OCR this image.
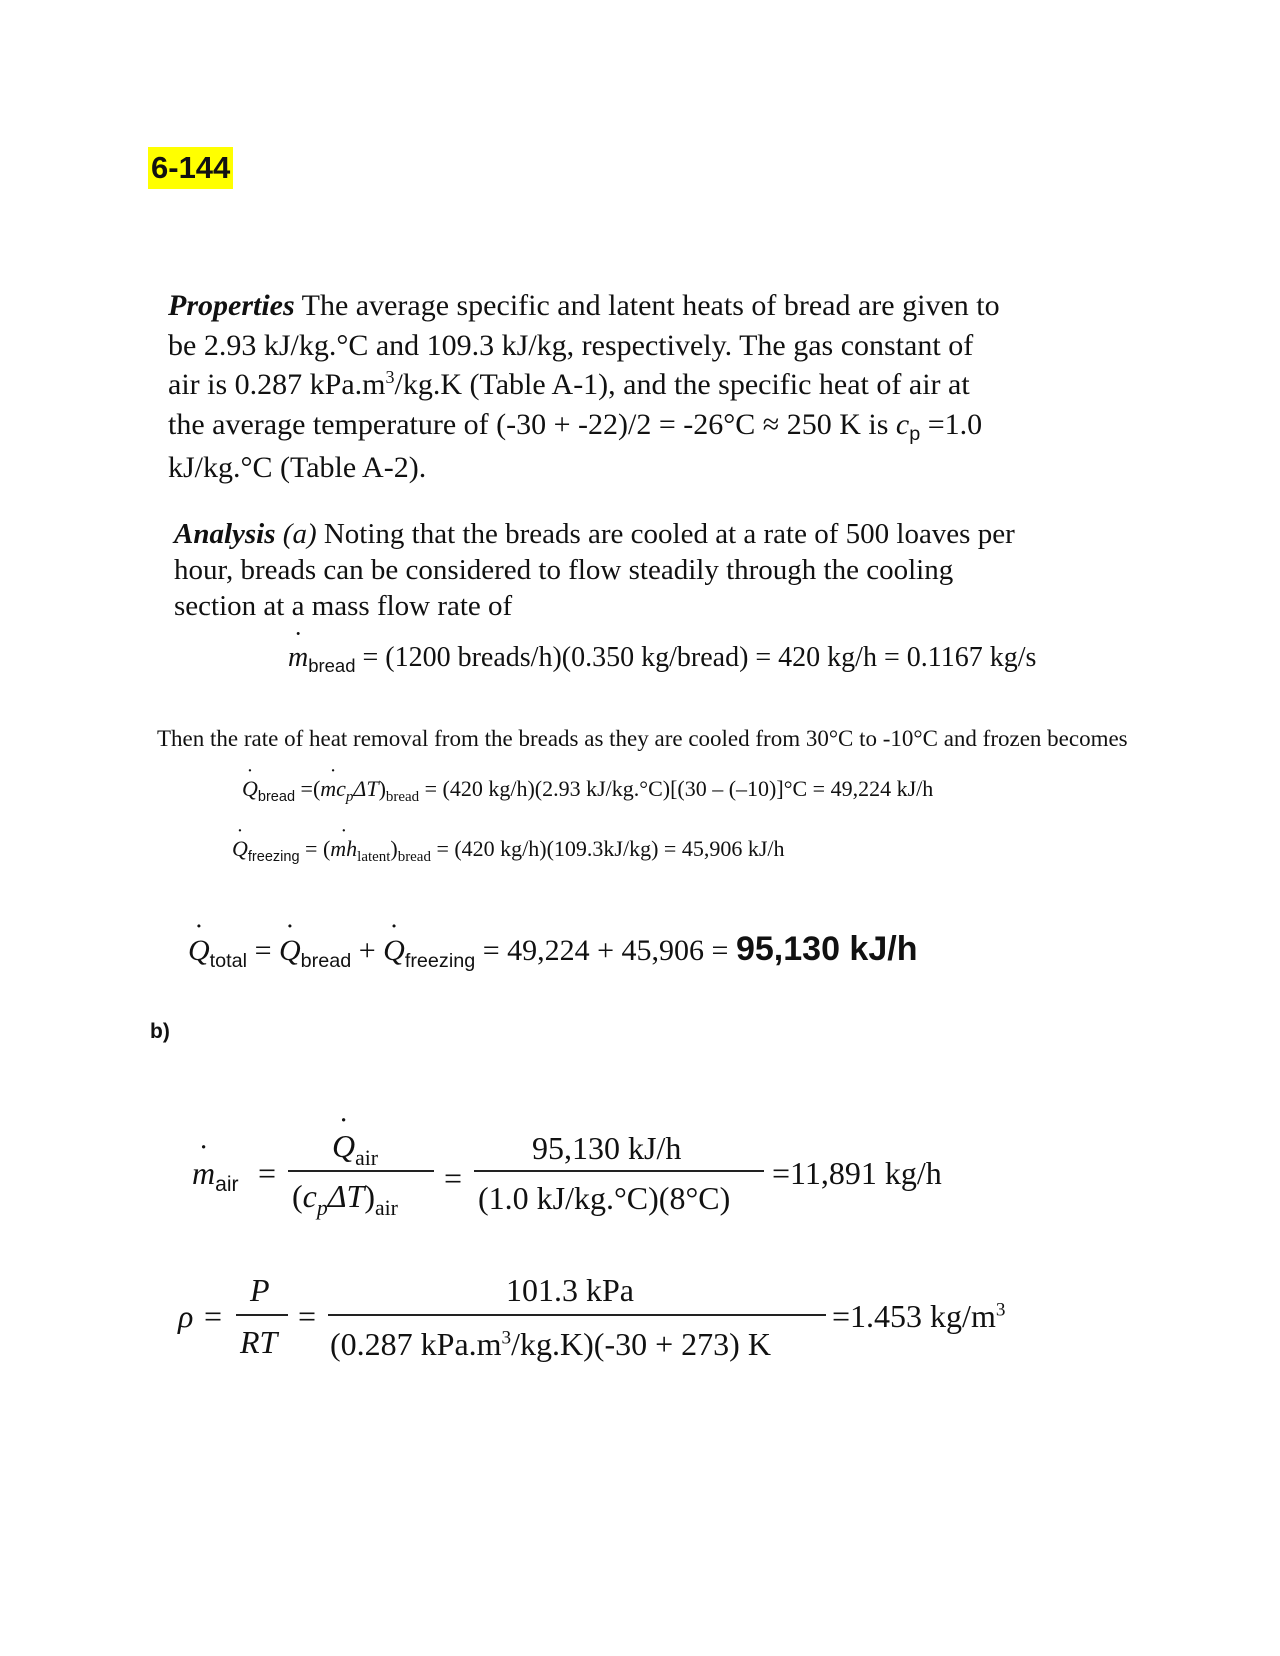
6-144
Properties The average specific and latent heats of bread are given to
be 2.93 kJ/kg.°C and 109.3 kJ/kg, respectively. The gas constant of
air is 0.287 $kPa.m^3/kg.K$ (Table A-1), and the specific heat of air at
the average temperature of (-30 + -22)/2 = -26°C ≈ 250 K is $c_p =1.0$
kJ/kg.°C (Table A-2).
Analysis (a) Noting that the breads are cooled at a rate of 500 loaves per
hour, breads can be considered to flow steadily through the cooling
section at a mass flow rate of
˙ $m_{bread} = (1200$ breads/h)(0.350 kg/bread) = 420 kg/h = 0.1167 kg/s
Then the rate of heat removal from the breads as they are cooled from 30°C to -10°C and frozen becomes
˙ $Q_{bread}$ =(˙ $mc_p\Delta T)_{bread} = (420$ kg/h)(2.93 kJ/kg.°C)[(30 – (–10)]°C = 49,224 kJ/h
˙ $Q_{freezing}$ = (˙ $mh_{latent})_{bread} = (420$ kg/h)(109.3kJ/kg) = 45,906 kJ/h
˙ $Q_{total}$ = ˙ $Q_{bread}$ + ˙ $Q_{freezing} = 49,224 + 45,906 = 95,130$ kJ/h
b)
˙ $m_{air}$ =
˙ $Q_{air}$
$(c_p\Delta T)_{air}$
=
95,130 kJ/h
(1.0 kJ/kg.°C)(8°C)
=11,891 kg/h
ρ =
P
RT
=
101.3 kPa
(0.287 $kPa.m^3/kg.K)(-30 + 273)$ K
=1.453 $kg/m^3$
